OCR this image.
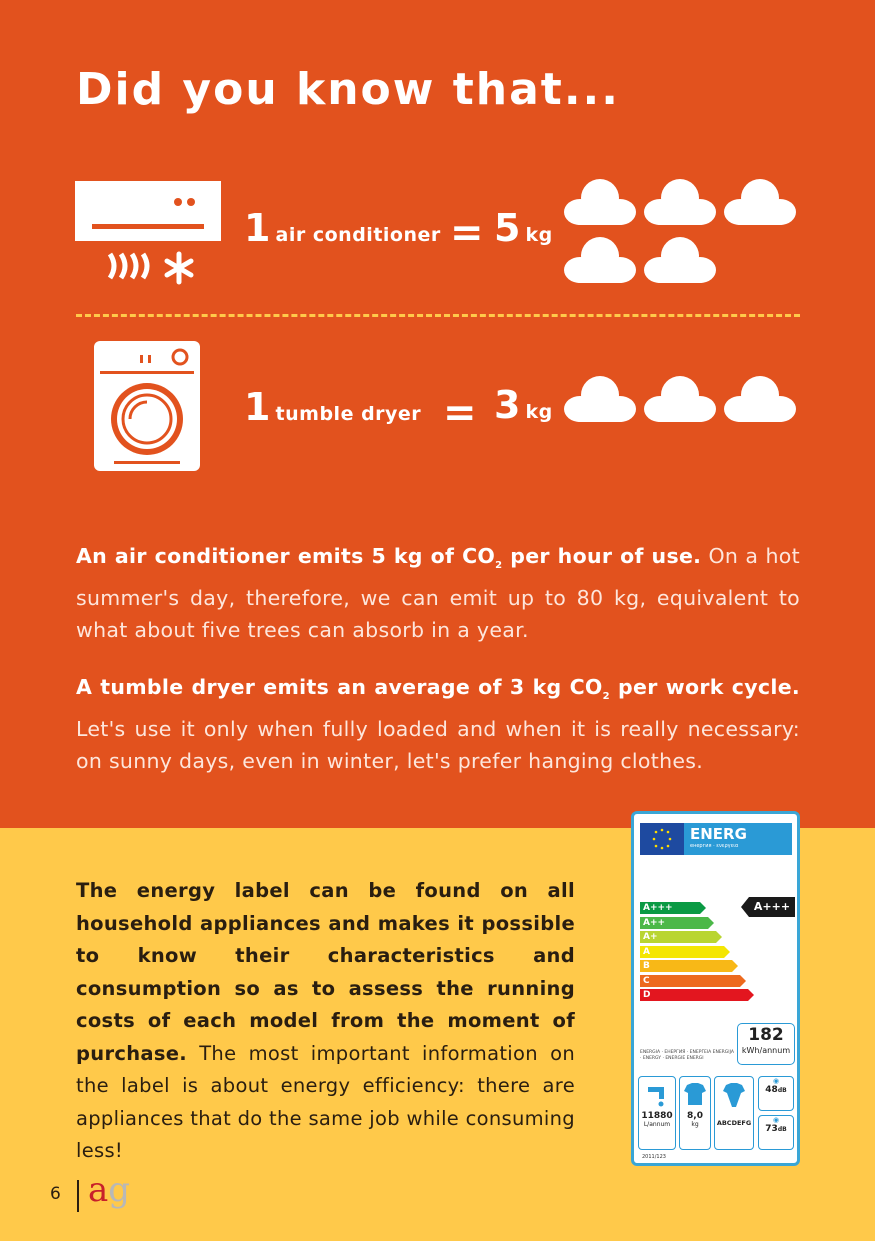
Did you know that...
1 air conditioner = 5 kg
1 tumble dryer = 3 kg
An air conditioner emits 5 kg of $CO_2$ per hour of use. On a hot summer's day, therefore, we can emit up to 80 kg, equivalent to what about five trees can absorb in a year.
A tumble dryer emits an average of 3 kg $CO_2$ per work cycle. Let's use it only when fully loaded and when it is really necessary: on sunny days, even in winter, let's prefer hanging clothes.
The energy label can be found on all household appliances and makes it possible to know their characteristics and consumption so as to assess the running costs of each model from the moment of purchase. The most important information on the label is about energy efficiency: there are appliances that do the same job while consuming less!
ENERG
енергия · ενεργεια
A+++
A++
A+
A
B
C
D
A+++
ENERGIA · ЕНЕРГИЯ · ΕΝΕΡΓΕΙΑ ENERGIJA · ENERGY · ENERGIE ENERGI
182
kWh/annum
11880
L/annum
8,0
kg	ABCDEFG
◉
48dB
◉
73dB
2011/123
6 ag
